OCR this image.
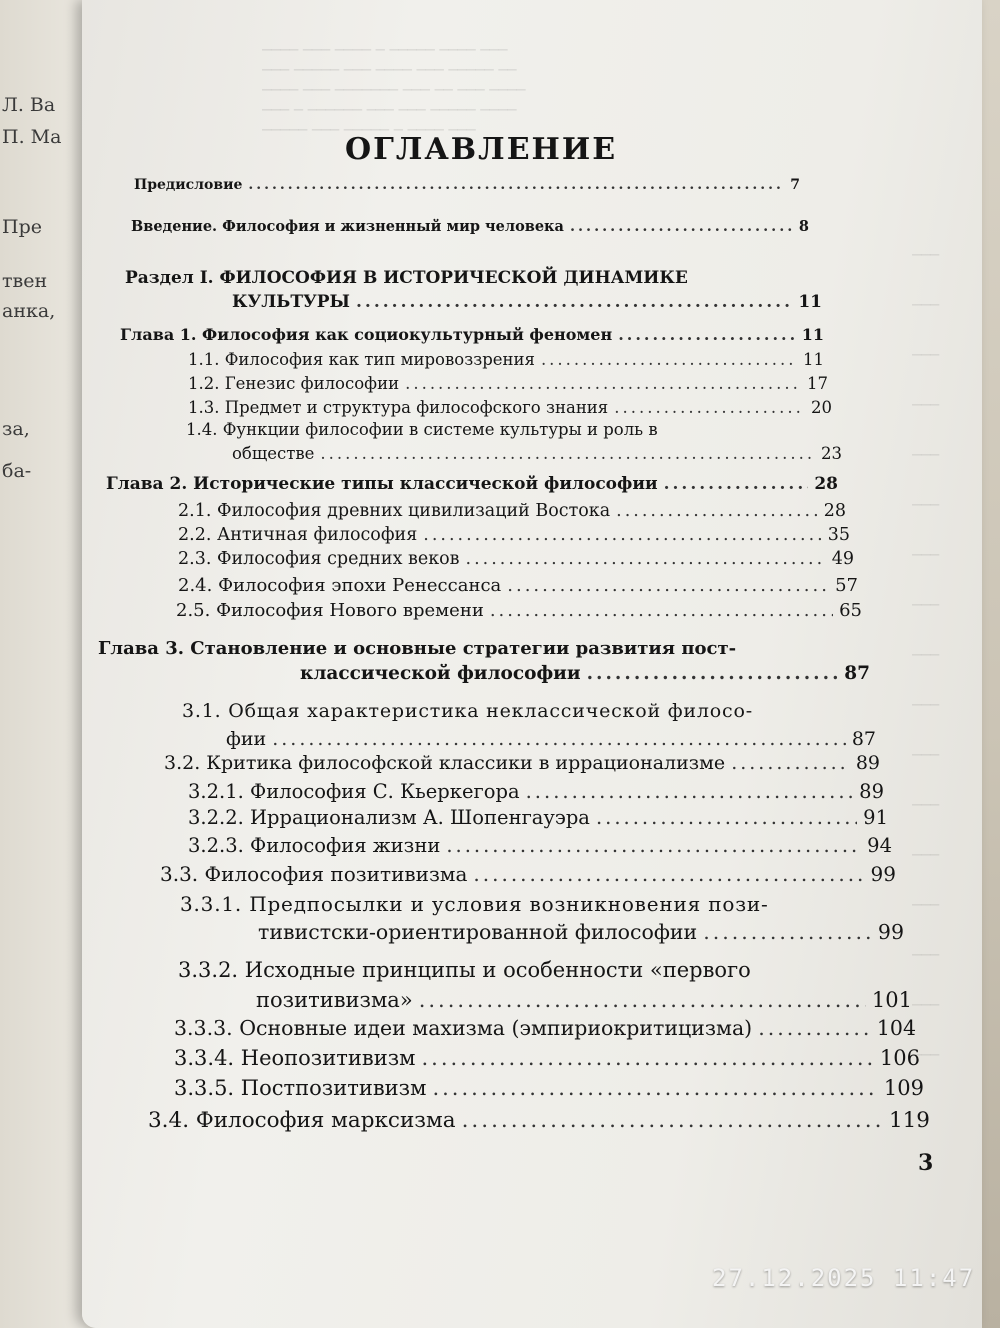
Л. Ва
П. Ма
Пре
твен
анка,
за,
ба-
──── ─── ──── ─ ───── ──── ───
─── ───── ─── ──── ─── ───── ──
──── ─── ─────── ─── ── ─── ────
─── ─ ────── ─── ─── ───── ────
───── ─── ───── ─ ──── ───
───
───
───
───
───
───
───
───
───
───
───
───
───
───
───
───
───
ОГЛАВЛЕНИЕ
Предисловие .....	7
Введение. Философия и жизненный мир человека .....	8
Раздел I. ФИЛОСОФИЯ В ИСТОРИЧЕСКОЙ ДИНАМИКЕ
КУЛЬТУРЫ .....	11
Глава 1. Философия как социокультурный феномен .....	11
1.1. Философия как тип мировоззрения .....	11
1.2. Генезис философии .....	17
1.3. Предмет и структура философского знания .....	20
1.4. Функции философии в системе культуры и роль в
обществе .....	23
Глава 2. Исторические типы классической философии .....	28
2.1. Философия древних цивилизаций Востока .....	28
2.2. Античная философия .....	35
2.3. Философия средних веков .....	49
2.4. Философия эпохи Ренессанса .....	57
2.5. Философия Нового времени .....	65
Глава 3. Становление и основные стратегии развития пост-
классической философии .....	87
3.1. Общая характеристика неклассической филосо-
фии .....	87
3.2. Критика философской классики в иррационализме .....	89
3.2.1. Философия С. Кьеркегора .....	89
3.2.2. Иррационализм А. Шопенгауэра .....	91
3.2.3. Философия жизни .....	94
3.3. Философия позитивизма .....	99
3.3.1. Предпосылки и условия возникновения пози-
тивистски-ориентированной философии .....	99
3.3.2. Исходные принципы и особенности «первого
позитивизма» .....	101
3.3.3. Основные идеи махизма (эмпириокритицизма) .....	104
3.3.4. Неопозитивизм .....	106
3.3.5. Постпозитивизм .....	109
3.4. Философия марксизма .....	119
3
27.12.2025 11:47
